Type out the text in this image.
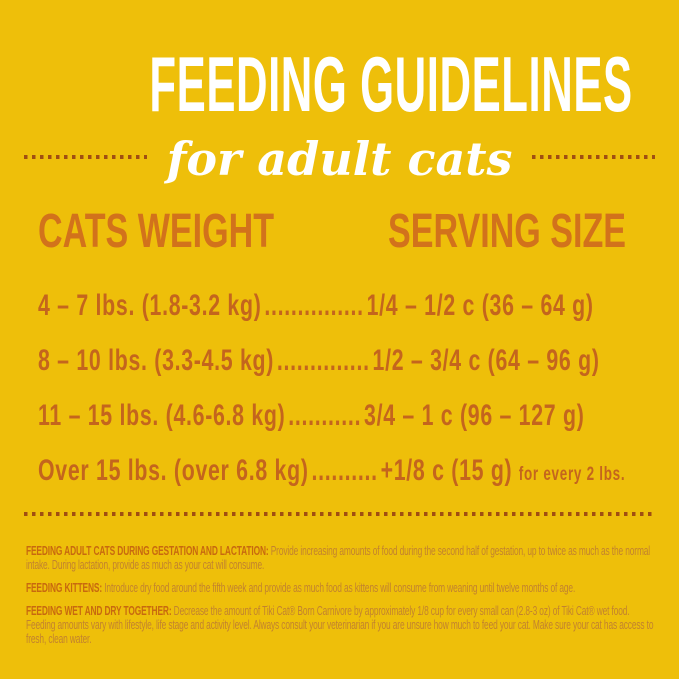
FEEDING GUIDELINES
for adult cats
CATS WEIGHT SERVING SIZE
4 – 7 lbs. (1.8-3.2 kg) ............... 1/4 – 1/2 c (36 – 64 g)
8 – 10 lbs. (3.3-4.5 kg) .............. 1/2 – 3/4 c (64 – 96 g)
11 – 15 lbs. (4.6-6.8 kg) ........... 3/4 – 1 c (96 – 127 g)
Over 15 lbs. (over 6.8 kg) .......... +1/8 c (15 g) for every 2 lbs.

FEEDING ADULT CATS DURING GESTATION AND LACTATION: Provide increasing amounts of food during the second half of gestation, up to twice as much as the normal intake. During lactation, provide as much as your cat will consume.

FEEDING KITTENS: Introduce dry food around the fifth week and provide as much food as kittens will consume from weaning until twelve months of age.

FEEDING WET AND DRY TOGETHER: Decrease the amount of Tiki Cat® Born Carnivore by approximately 1/8 cup for every small can (2.8-3 oz) of Tiki Cat® wet food. Feeding amounts vary with lifestyle, life stage and activity level. Always consult your veterinarian if you are unsure how much to feed your cat. Make sure your cat has access to fresh, clean water.
